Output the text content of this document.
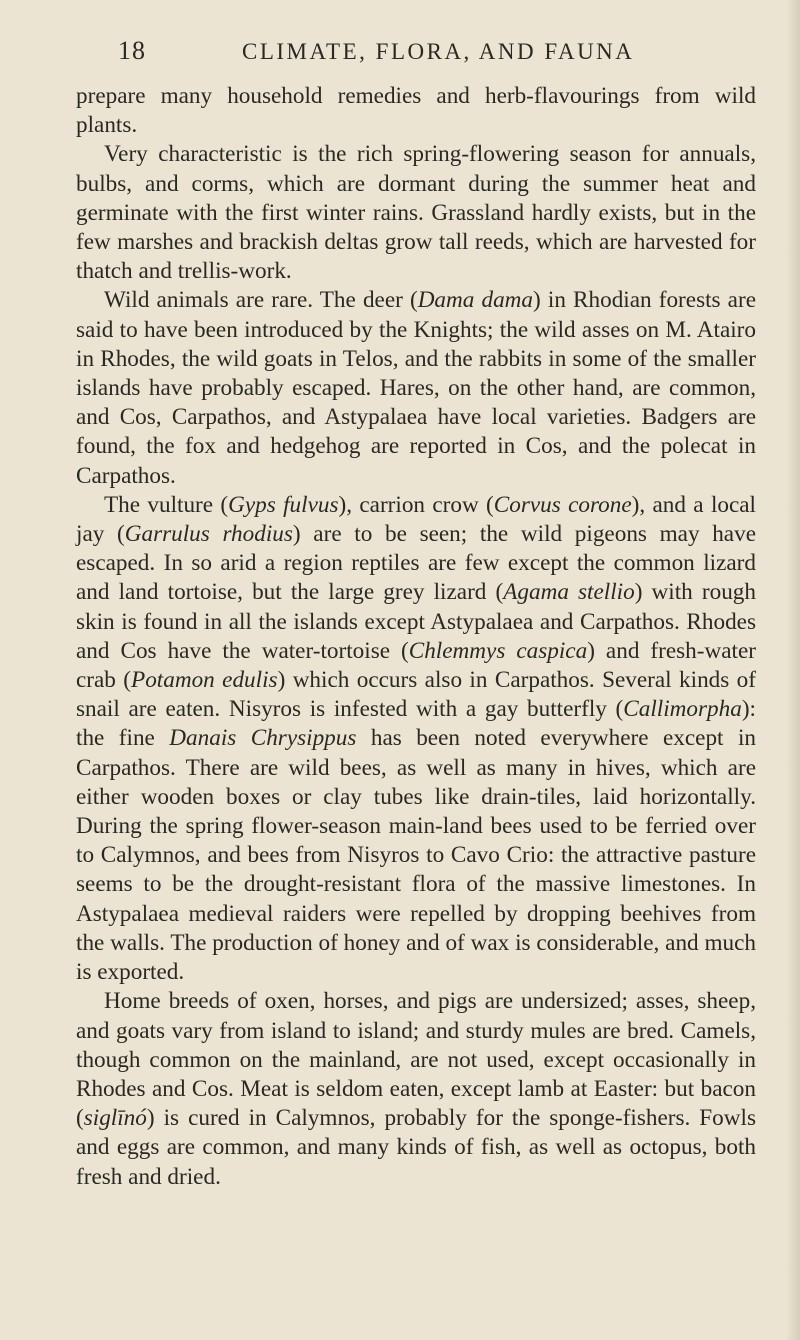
18	CLIMATE, FLORA, AND FAUNA

prepare many household remedies and herb-flavourings from wild plants.

Very characteristic is the rich spring-flowering season for annuals, bulbs, and corms, which are dormant during the summer heat and germinate with the first winter rains. Grassland hardly exists, but in the few marshes and brackish deltas grow tall reeds, which are harvested for thatch and trellis-work.

Wild animals are rare. The deer (Dama dama) in Rhodian forests are said to have been introduced by the Knights; the wild asses on M. Atairo in Rhodes, the wild goats in Telos, and the rabbits in some of the smaller islands have probably escaped. Hares, on the other hand, are common, and Cos, Carpathos, and Astypalaea have local varieties. Badgers are found, the fox and hedgehog are reported in Cos, and the polecat in Carpathos.

The vulture (Gyps fulvus), carrion crow (Corvus corone), and a local jay (Garrulus rhodius) are to be seen; the wild pigeons may have escaped. In so arid a region reptiles are few except the common lizard and land tortoise, but the large grey lizard (Agama stellio) with rough skin is found in all the islands except Astypalaea and Carpathos. Rhodes and Cos have the water-tortoise (Chlemmys caspica) and fresh-water crab (Potamon edulis) which occurs also in Carpathos. Several kinds of snail are eaten. Nisyros is infested with a gay butterfly (Callimorpha): the fine Danais Chrysippus has been noted everywhere except in Carpathos. There are wild bees, as well as many in hives, which are either wooden boxes or clay tubes like drain-tiles, laid horizontally. During the spring flower-season main-land bees used to be ferried over to Calymnos, and bees from Nisyros to Cavo Crio: the attractive pasture seems to be the drought-resistant flora of the massive limestones. In Astypalaea medieval raiders were repelled by dropping beehives from the walls. The production of honey and of wax is considerable, and much is exported.

Home breeds of oxen, horses, and pigs are undersized; asses, sheep, and goats vary from island to island; and sturdy mules are bred. Camels, though common on the mainland, are not used, except occasionally in Rhodes and Cos. Meat is seldom eaten, except lamb at Easter: but bacon (siglīnó) is cured in Calymnos, probably for the sponge-fishers. Fowls and eggs are common, and many kinds of fish, as well as octopus, both fresh and dried.
